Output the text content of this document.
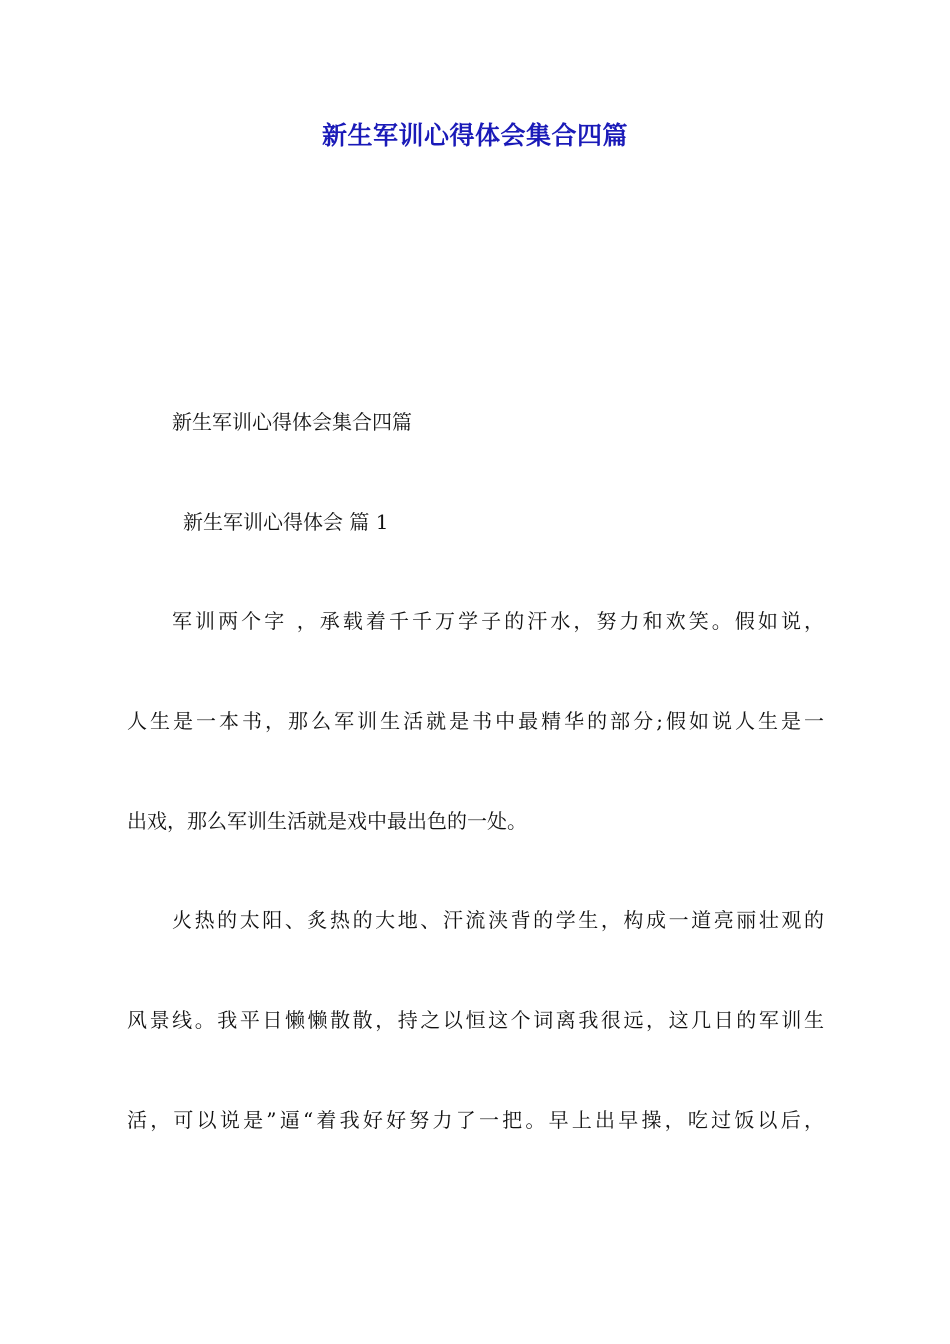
新生军训心得体会集合四篇
新生军训心得体会集合四篇
新生军训心得体会 篇 1
军训两个字 ，承载着千千万学子的汗水，努力和欢笑。假如说，
人生是一本书，那么军训生活就是书中最精华的部分;假如说人生是一
出戏，那么军训生活就是戏中最出色的一处。
火热的太阳、炙热的大地、汗流浃背的学生，构成一道亮丽壮观的
风景线。我平日懒懒散散，持之以恒这个词离我很远，这几日的军训生
活，可以说是”逼“着我好好努力了一把。早上出早操，吃过饭以后，
